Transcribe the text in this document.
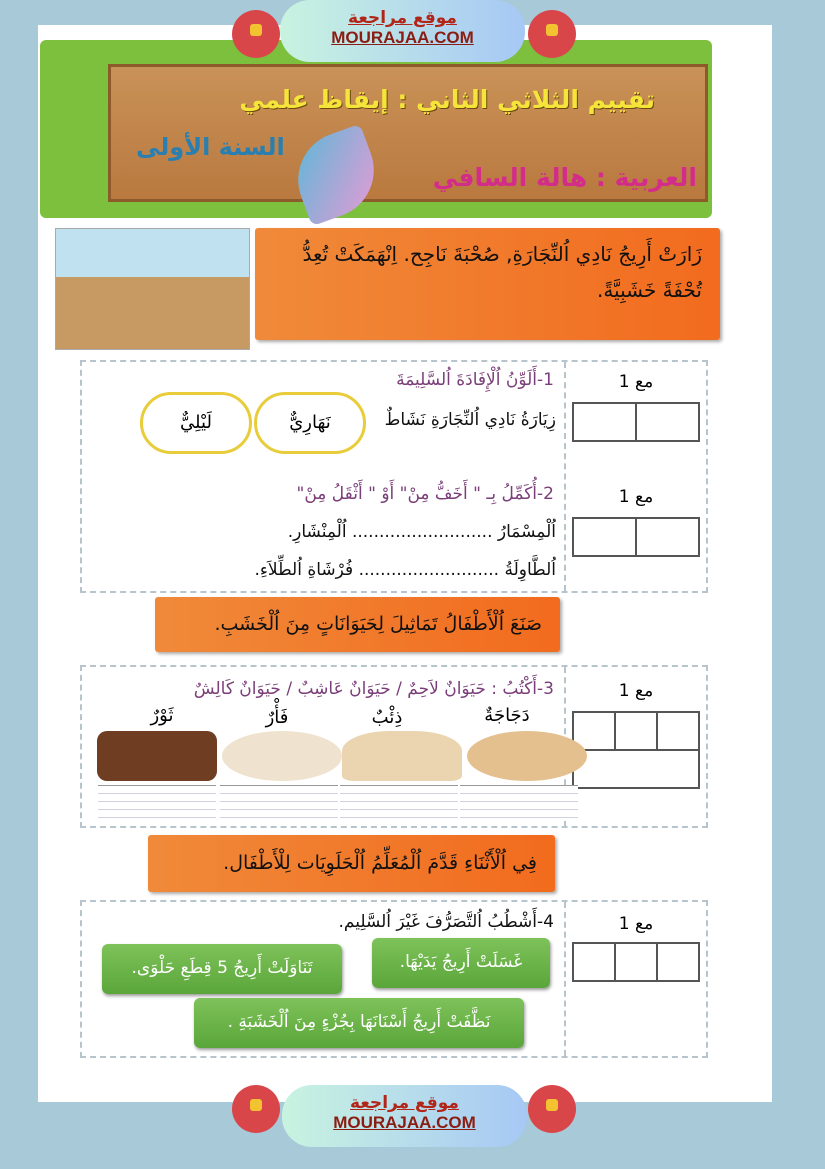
تقييم الثلاثي الثاني : إيقاظ علمي
السنة الأولى
العربية : هالة السافي
موقع مراجعة
MOURAJAA.COM
زَارَتْ أَرِيجُ نَادِي اُلنِّجَارَةِ, صُحْبَةَ نَاجِح. اِنْهَمَكَتْ تُعِدُّ تُحْفَةً خَشَبِيَّةً.
مع 1
مع 1
1-أَلَوِّنُ اُلْإِفَادَةَ اُلسَّلِيمَةَ
زِيَارَةُ نَادِي اُلنِّجَارَةِ نَشَاطٌ
نَهَارِيٌّ
لَيْلِيٌّ
2-أُكَمِّلُ بِـ " أَخَفُّ مِنْ" أَوْ " أَثْقَلُ مِنْ"
اُلْمِسْمَارُ .......................... اُلْمِنْشَارِ.
اُلطَّاوِلَةُ .......................... فُرْشَاةِ اُلطِّلاَءِ.
صَنَعَ اُلْأَطْفَالُ تَمَاثِيلَ لِحَيَوَانَاتٍ مِنَ اُلْخَشَبِ.
مع 1
3-أَكْتُبُ : حَيَوَانٌ لاَحِمٌ / حَيَوَانٌ عَاشِبٌ / حَيَوَانٌ كَالِشٌ
دَجَاجَةٌ
ذِئْبٌ
فَأْرٌ
ثَوْرٌ
فِي اُلْأَثْنَاءِ قَدَّمَ اُلْمُعَلِّمُ اُلْحَلَوِيَات لِلْأَطْفَال.
مع 1
4-أَشْطُبُ اُلتَّصَرُّفَ غَيْرَ اُلسَّلِيم.
غَسَلَتْ أَرِيجُ يَدَيْهَا.
تَنَاوَلَتْ أَرِيجُ 5 قِطَعِ حَلْوَى.
نَظَّفَتْ أَرِيجُ أَسْنَانَهَا بِجُزْءٍ مِنَ اُلْخَشَبَةِ .
موقع مراجعة
MOURAJAA.COM
